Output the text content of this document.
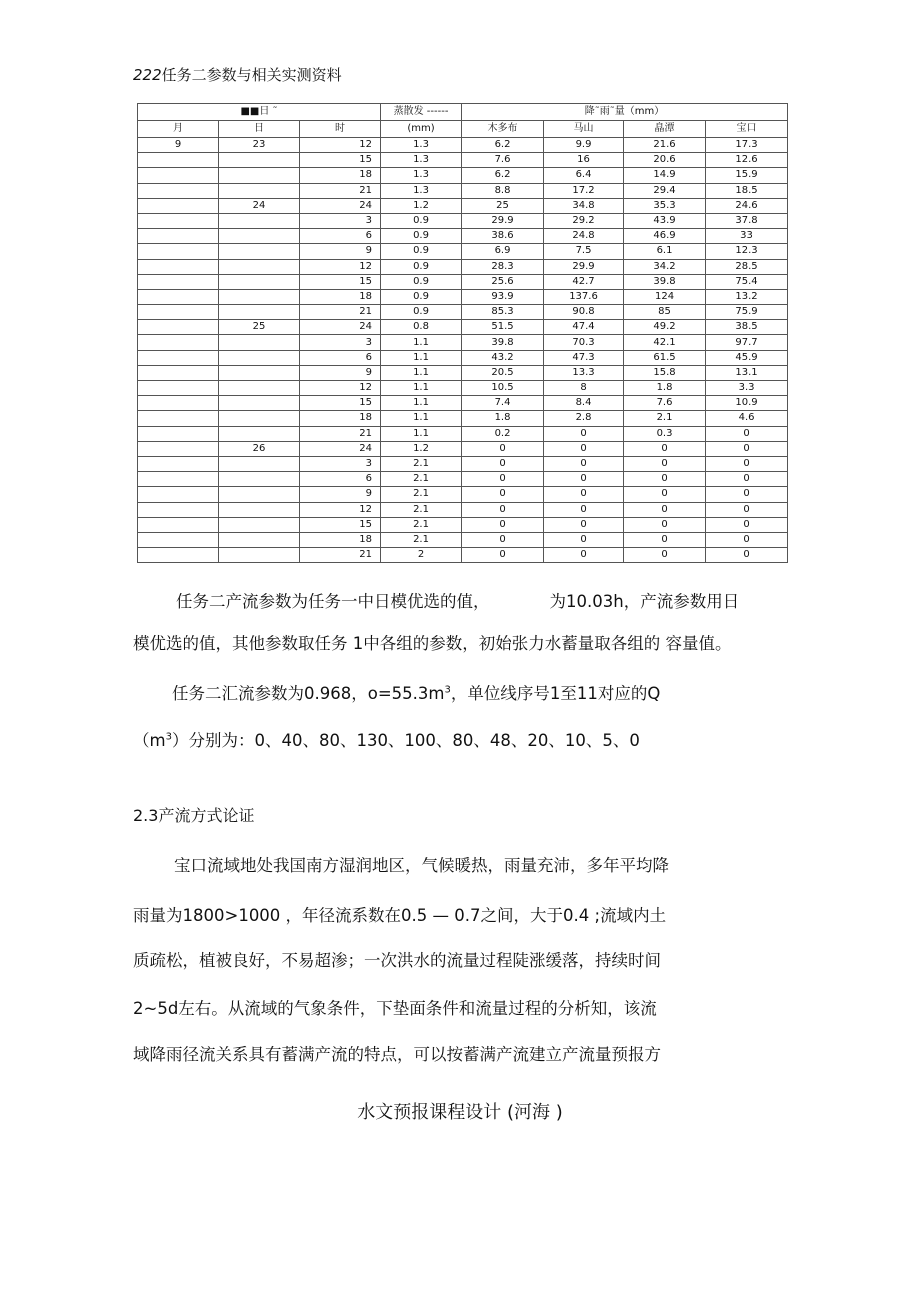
222任务二参数与相关实测资料
■■日 ˜			蒸散发 ------	降˜雨˜量（mm）			
月	日	时	(mm)	木多布	马山	皛潭	宝口
9	23	12	1.3	6.2	9.9	21.6	17.3
		15	1.3	7.6	16	20.6	12.6
		18	1.3	6.2	6.4	14.9	15.9
		21	1.3	8.8	17.2	29.4	18.5
	24	24	1.2	25	34.8	35.3	24.6
		3	0.9	29.9	29.2	43.9	37.8
		6	0.9	38.6	24.8	46.9	33
		9	0.9	6.9	7.5	6.1	12.3
		12	0.9	28.3	29.9	34.2	28.5
		15	0.9	25.6	42.7	39.8	75.4
		18	0.9	93.9	137.6	124	13.2
		21	0.9	85.3	90.8	85	75.9
	25	24	0.8	51.5	47.4	49.2	38.5
		3	1.1	39.8	70.3	42.1	97.7
		6	1.1	43.2	47.3	61.5	45.9
		9	1.1	20.5	13.3	15.8	13.1
		12	1.1	10.5	8	1.8	3.3
		15	1.1	7.4	8.4	7.6	10.9
		18	1.1	1.8	2.8	2.1	4.6
		21	1.1	0.2	0	0.3	0
	26	24	1.2	0	0	0	0
		3	2.1	0	0	0	0
		6	2.1	0	0	0	0
		9	2.1	0	0	0	0
		12	2.1	0	0	0	0
		15	2.1	0	0	0	0
		18	2.1	0	0	0	0
		21	2	0	0	0	0
任务二产流参数为任务一中日模优选的值，	为10.03h，产流参数用日
模优选的值，其他参数取任务 1中各组的参数，初始张力水蓄量取各组的 容量值。
任务二汇流参数为0.968，$o=55.3m^3$，单位线序号1至11对应的Q
$(m^3)$分别为：0、40、80、130、100、80、48、20、10、5、0
2.3产流方式论证
宝口流域地处我国南方湿润地区，气候暖热，雨量充沛，多年平均降
雨量为1800>1000 ，年径流系数在0.5 — 0.7之间，大于0.4 ;流域内土
质疏松，植被良好，不易超渗；一次洪水的流量过程陡涨缓落，持续时间
2~5d左右。从流域的气象条件，下垫面条件和流量过程的分析知，该流
域降雨径流关系具有蓄满产流的特点，可以按蓄满产流建立产流量预报方
水文预报课程设计 (河海 )
